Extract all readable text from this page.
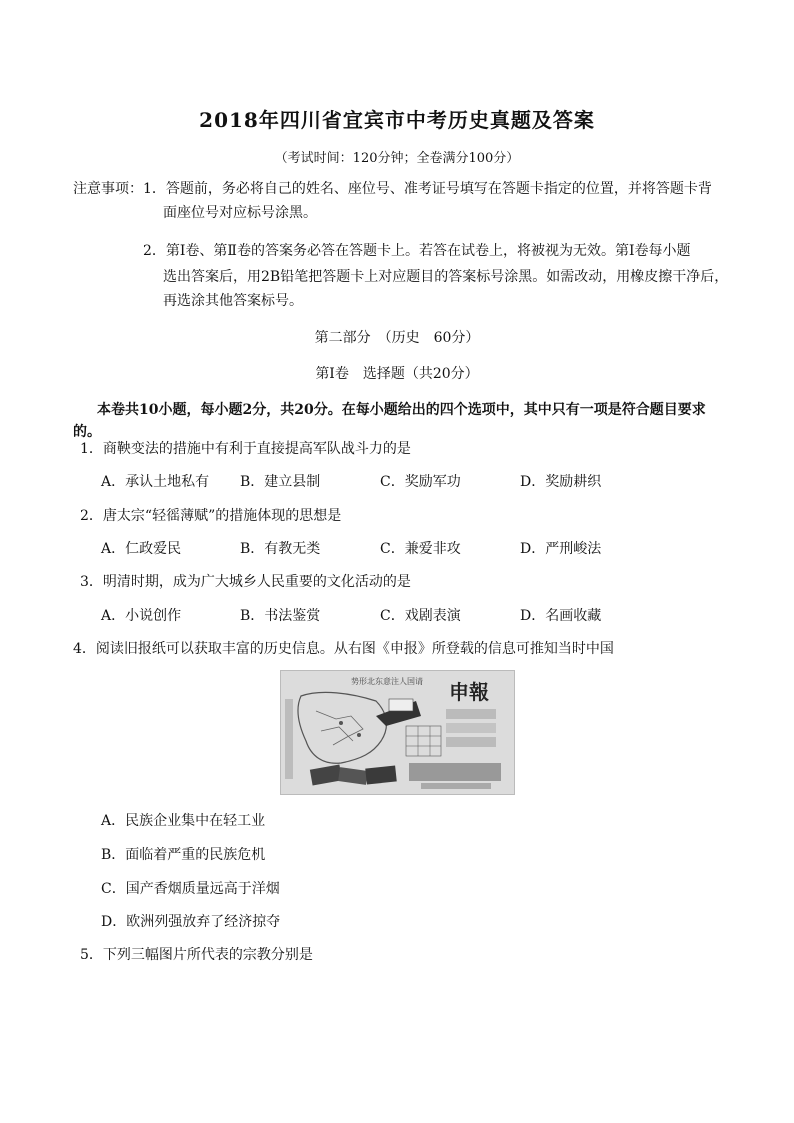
2018年四川省宜宾市中考历史真题及答案
（考试时间：120分钟；全卷满分100分）
注意事项： 1．答题前，务必将自己的姓名、座位号、准考证号填写在答题卡指定的位置，并将答题卡背
面座位号对应标号涂黑。
2．第Ⅰ卷、第Ⅱ卷的答案务必答在答题卡上。若答在试卷上，将被视为无效。第Ⅰ卷每小题
选出答案后，用2B铅笔把答题卡上对应题目的答案标号涂黑。如需改动，用橡皮擦干净后，
再选涂其他答案标号。
第二部分　（历史　60分）
第Ⅰ卷　选择题（共20分）
本卷共10小题，每小题2分，共20分。在每小题给出的四个选项中，其中只有一项是符合题目要求
的。
1．商鞅变法的措施中有利于直接提高军队战斗力的是
A．承认土地私有 B．建立县制	C．奖励军功	D．奖励耕织
2．唐太宗“轻徭薄赋”的措施体现的思想是
A．仁政爱民	B．有教无类	C．兼爱非攻	D．严刑峻法
3．明清时期，成为广大城乡人民重要的文化活动的是
A．小说创作	B．书法鉴赏	C．戏剧表演	D．名画收藏
4．阅读旧报纸可以获取丰富的历史信息。从右图《申报》所登载的信息可推知当时中国
势形北东意注人国请 申報
A．民族企业集中在轻工业
B．面临着严重的民族危机
C．国产香烟质量远高于洋烟
D．欧洲列强放弃了经济掠夺
5．下列三幅图片所代表的宗教分别是
